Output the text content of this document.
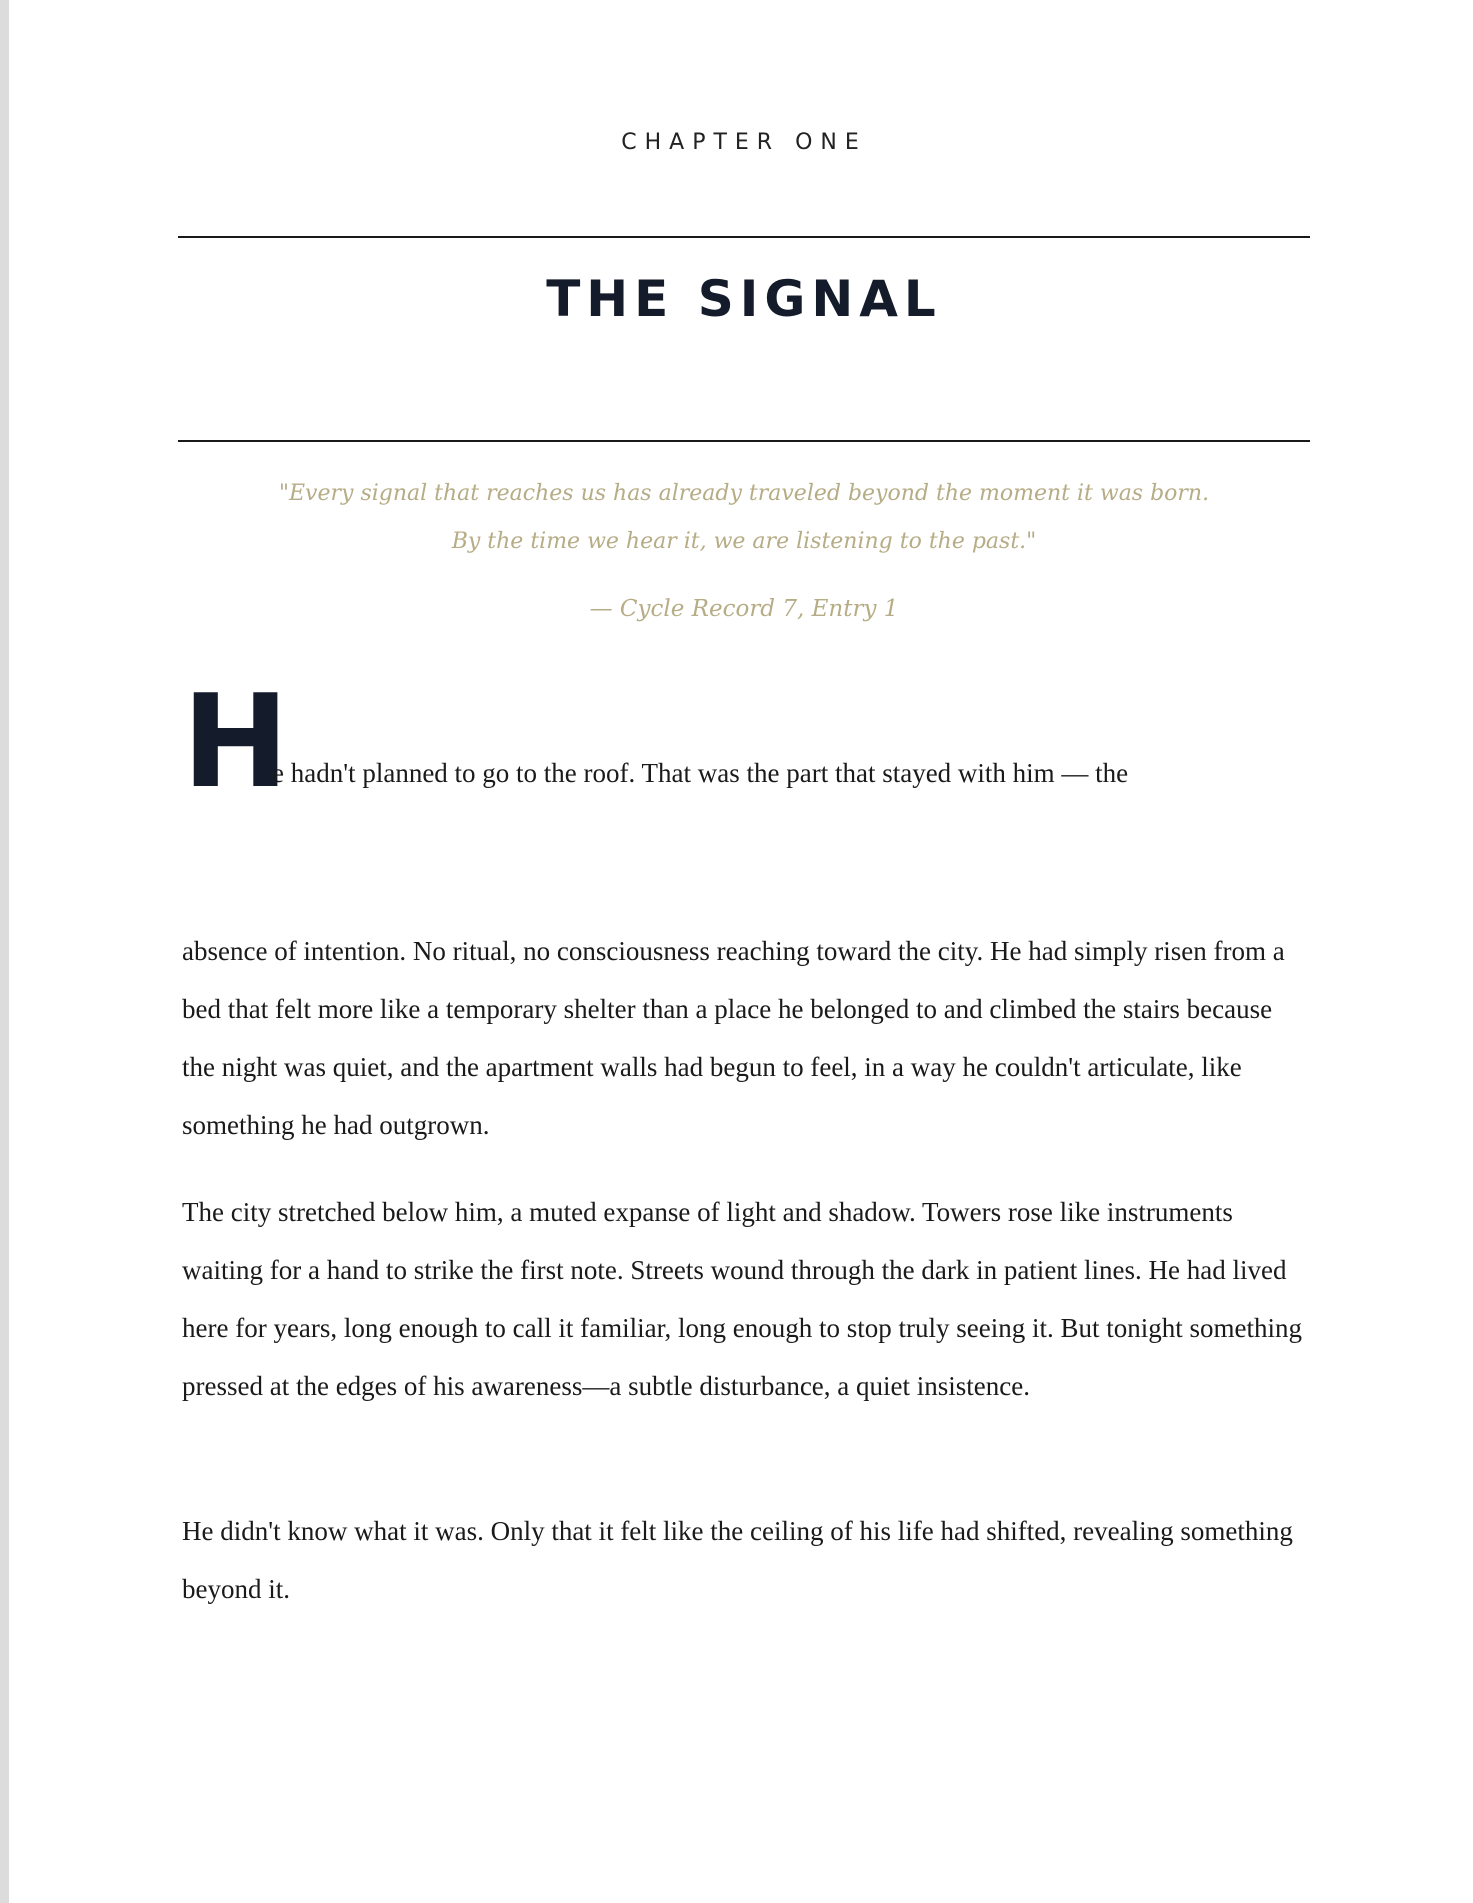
CHAPTER ONE
THE SIGNAL
"Every signal that reaches us has already traveled beyond the moment it was born.
By the time we hear it, we are listening to the past."
— Cycle Record 7, Entry 1
H
e hadn't planned to go to the roof. That was the part that stayed with him — the

absence of intention. No ritual, no consciousness reaching toward the city. He had simply risen from a bed that felt more like a temporary shelter than a place he belonged to and climbed the stairs because the night was quiet, and the apartment walls had begun to feel, in a way he couldn't articulate, like something he had outgrown.

The city stretched below him, a muted expanse of light and shadow. Towers rose like instruments waiting for a hand to strike the first note. Streets wound through the dark in patient lines. He had lived here for years, long enough to call it familiar, long enough to stop truly seeing it. But tonight something pressed at the edges of his awareness—a subtle disturbance, a quiet insistence.

He didn't know what it was. Only that it felt like the ceiling of his life had shifted, revealing something beyond it.
